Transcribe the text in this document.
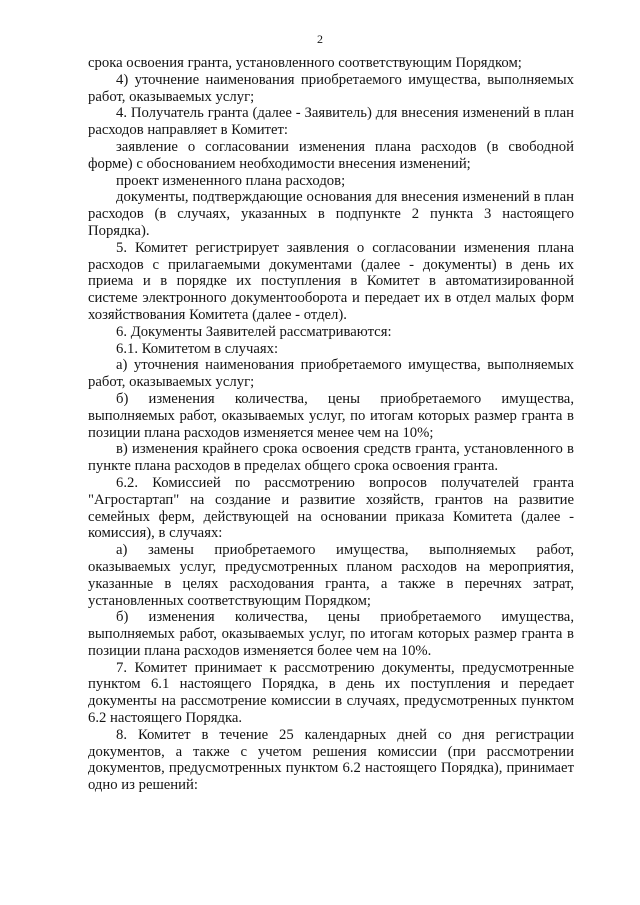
2

срока освоения гранта, установленного соответствующим Порядком;

4) уточнение наименования приобретаемого имущества, выполняемых работ, оказываемых услуг;

4. Получатель гранта (далее - Заявитель) для внесения изменений в план расходов направляет в Комитет:

заявление о согласовании изменения плана расходов (в свободной форме) с обоснованием необходимости внесения изменений;

проект измененного плана расходов;

документы, подтверждающие основания для внесения изменений в план расходов (в случаях, указанных в подпункте 2 пункта 3 настоящего Порядка).

5. Комитет регистрирует заявления о согласовании изменения плана расходов с прилагаемыми документами (далее - документы) в день их приема и в порядке их поступления в Комитет в автоматизированной системе электронного документооборота и передает их в отдел малых форм хозяйствования Комитета (далее - отдел).

6. Документы Заявителей рассматриваются:

6.1. Комитетом в случаях:

а) уточнения наименования приобретаемого имущества, выполняемых работ, оказываемых услуг;

б) изменения количества, цены приобретаемого имущества, выполняемых работ, оказываемых услуг, по итогам которых размер гранта в позиции плана расходов изменяется менее чем на 10%;

в) изменения крайнего срока освоения средств гранта, установленного в пункте плана расходов в пределах общего срока освоения гранта.

6.2. Комиссией по рассмотрению вопросов получателей гранта "Агростартап" на создание и развитие хозяйств, грантов на развитие семейных ферм, действующей на основании приказа Комитета (далее - комиссия), в случаях:

а) замены приобретаемого имущества, выполняемых работ, оказываемых услуг, предусмотренных планом расходов на мероприятия, указанные в целях расходования гранта, а также в перечнях затрат, установленных соответствующим Порядком;

б) изменения количества, цены приобретаемого имущества, выполняемых работ, оказываемых услуг, по итогам которых размер гранта в позиции плана расходов изменяется более чем на 10%.

7. Комитет принимает к рассмотрению документы, предусмотренные пунктом 6.1 настоящего Порядка, в день их поступления и передает документы на рассмотрение комиссии в случаях, предусмотренных пунктом 6.2 настоящего Порядка.

8. Комитет в течение 25 календарных дней со дня регистрации документов, а также с учетом решения комиссии (при рассмотрении документов, предусмотренных пунктом 6.2 настоящего Порядка), принимает одно из решений:
